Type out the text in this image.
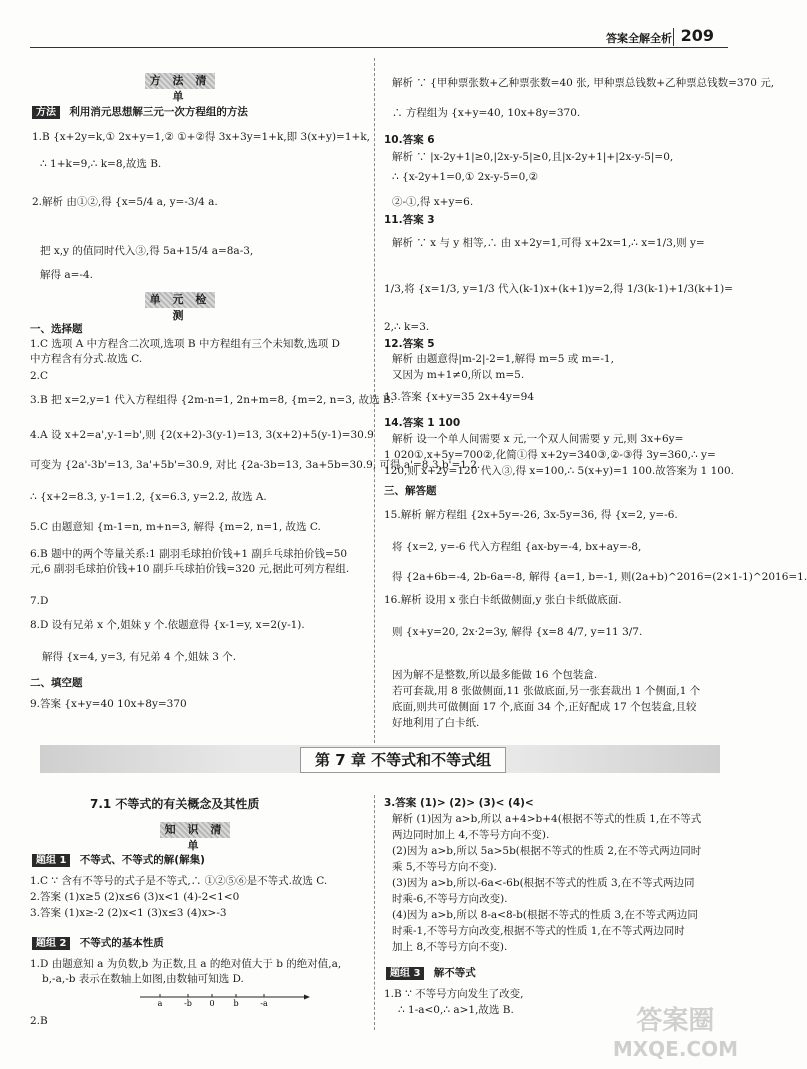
答案全解全析 209
方 法 清 单
方法 利用消元思想解三元一次方程组的方法
1.B {x+2y=k,① 2x+y=1,② ①+②得 3x+3y=1+k,即 3(x+y)=1+k,
∴ 1+k=9,∴ k=8,故选 B.
2.解析 由①②,得 {x=5/4 a, y=-3/4 a.
把 x,y 的值同时代入③,得 5a+15/4 a=8a-3,
解得 a=-4.
单 元 检 测
一、选择题
1.C 选项 A 中方程含二次项,选项 B 中方程组有三个未知数,选项 D
中方程含有分式.故选 C.
2.C
3.B 把 x=2,y=1 代入方程组得 {2m-n=1, 2n+m=8, {m=2, n=3, 故选 B.
4.A 设 x+2=a',y-1=b',则 {2(x+2)-3(y-1)=13, 3(x+2)+5(y-1)=30.9
可变为 {2a'-3b'=13, 3a'+5b'=30.9, 对比 {2a-3b=13, 3a+5b=30.9, 可得 a'=8.3,b'=1.2.
∴ {x+2=8.3, y-1=1.2, {x=6.3, y=2.2, 故选 A.
5.C 由题意知 {m-1=n, m+n=3, 解得 {m=2, n=1, 故选 C.
6.B 题中的两个等量关系:1 副羽毛球拍价钱+1 副乒乓球拍价钱=50
元,6 副羽毛球拍价钱+10 副乒乓球拍价钱=320 元,据此可列方程组.
7.D
8.D 设有兄弟 x 个,姐妹 y 个.依题意得 {x-1=y, x=2(y-1).
解得 {x=4, y=3, 有兄弟 4 个,姐妹 3 个.
二、填空题
9.答案 {x+y=40 10x+8y=370
解析 ∵ {甲种票张数+乙种票张数=40 张, 甲种票总钱数+乙种票总钱数=370 元,
∴ 方程组为 {x+y=40, 10x+8y=370.
10.答案 6
解析 ∵ |x-2y+1|≥0,|2x-y-5|≥0,且|x-2y+1|+|2x-y-5|=0,
∴ {x-2y+1=0,① 2x-y-5=0,②
②-①,得 x+y=6.
11.答案 3
解析 ∵ x 与 y 相等,∴ 由 x+2y=1,可得 x+2x=1,∴ x=1/3,则 y=
1/3,将 {x=1/3, y=1/3 代入(k-1)x+(k+1)y=2,得 1/3(k-1)+1/3(k+1)=
2,∴ k=3.
12.答案 5
解析 由题意得|m-2|-2=1,解得 m=5 或 m=-1,
又因为 m+1≠0,所以 m=5.
13.答案 {x+y=35 2x+4y=94
14.答案 1 100
解析 设一个单人间需要 x 元,一个双人间需要 y 元,则 3x+6y=
1 020①,x+5y=700②,化简①得 x+2y=340③,②-③得 3y=360,∴ y=
120,则 x+2y=120 代入③,得 x=100,∴ 5(x+y)=1 100.故答案为 1 100.
三、解答题
15.解析 解方程组 {2x+5y=-26, 3x-5y=36, 得 {x=2, y=-6.
将 {x=2, y=-6 代入方程组 {ax-by=-4, bx+ay=-8,
得 {2a+6b=-4, 2b-6a=-8, 解得 {a=1, b=-1, 则(2a+b)^2016=(2×1-1)^2016=1.
16.解析 设用 x 张白卡纸做侧面,y 张白卡纸做底面.
则 {x+y=20, 2x·2=3y, 解得 {x=8 4/7, y=11 3/7.
因为解不是整数,所以最多能做 16 个包装盒.
若可套裁,用 8 张做侧面,11 张做底面,另一张套裁出 1 个侧面,1 个
底面,则共可做侧面 17 个,底面 34 个,正好配成 17 个包装盒,且较
好地利用了白卡纸.
第 7 章 不等式和不等式组
7.1 不等式的有关概念及其性质
知 识 清 单
题组 1 不等式、不等式的解(解集)
1.C ∵ 含有不等号的式子是不等式,∴ ①②⑤⑥是不等式.故选 C.
2.答案 (1)x≥5 (2)x≤6 (3)x<1 (4)-2<1<0
3.答案 (1)x≥-2 (2)x<1 (3)x≤3 (4)x>-3
题组 2 不等式的基本性质
1.D 由题意知 a 为负数,b 为正数,且 a 的绝对值大于 b 的绝对值,a,
b,-a,-b 表示在数轴上如图,由数轴可知选 D.
a	-b 0 b	-a
2.B
3.答案 (1)> (2)> (3)< (4)<
解析 (1)因为 a>b,所以 a+4>b+4(根据不等式的性质 1,在不等式
两边同时加上 4,不等号方向不变).
(2)因为 a>b,所以 5a>5b(根据不等式的性质 2,在不等式两边同时
乘 5,不等号方向不变).
(3)因为 a>b,所以-6a<-6b(根据不等式的性质 3,在不等式两边同
时乘-6,不等号方向改变).
(4)因为 a>b,所以 8-a<8-b(根据不等式的性质 3,在不等式两边同
时乘-1,不等号方向改变,根据不等式的性质 1,在不等式两边同时
加上 8,不等号方向不变).
题组 3 解不等式
1.B ∵ 不等号方向发生了改变,
∴ 1-a<0,∴ a>1,故选 B.	答案圈
MXQE.COM
